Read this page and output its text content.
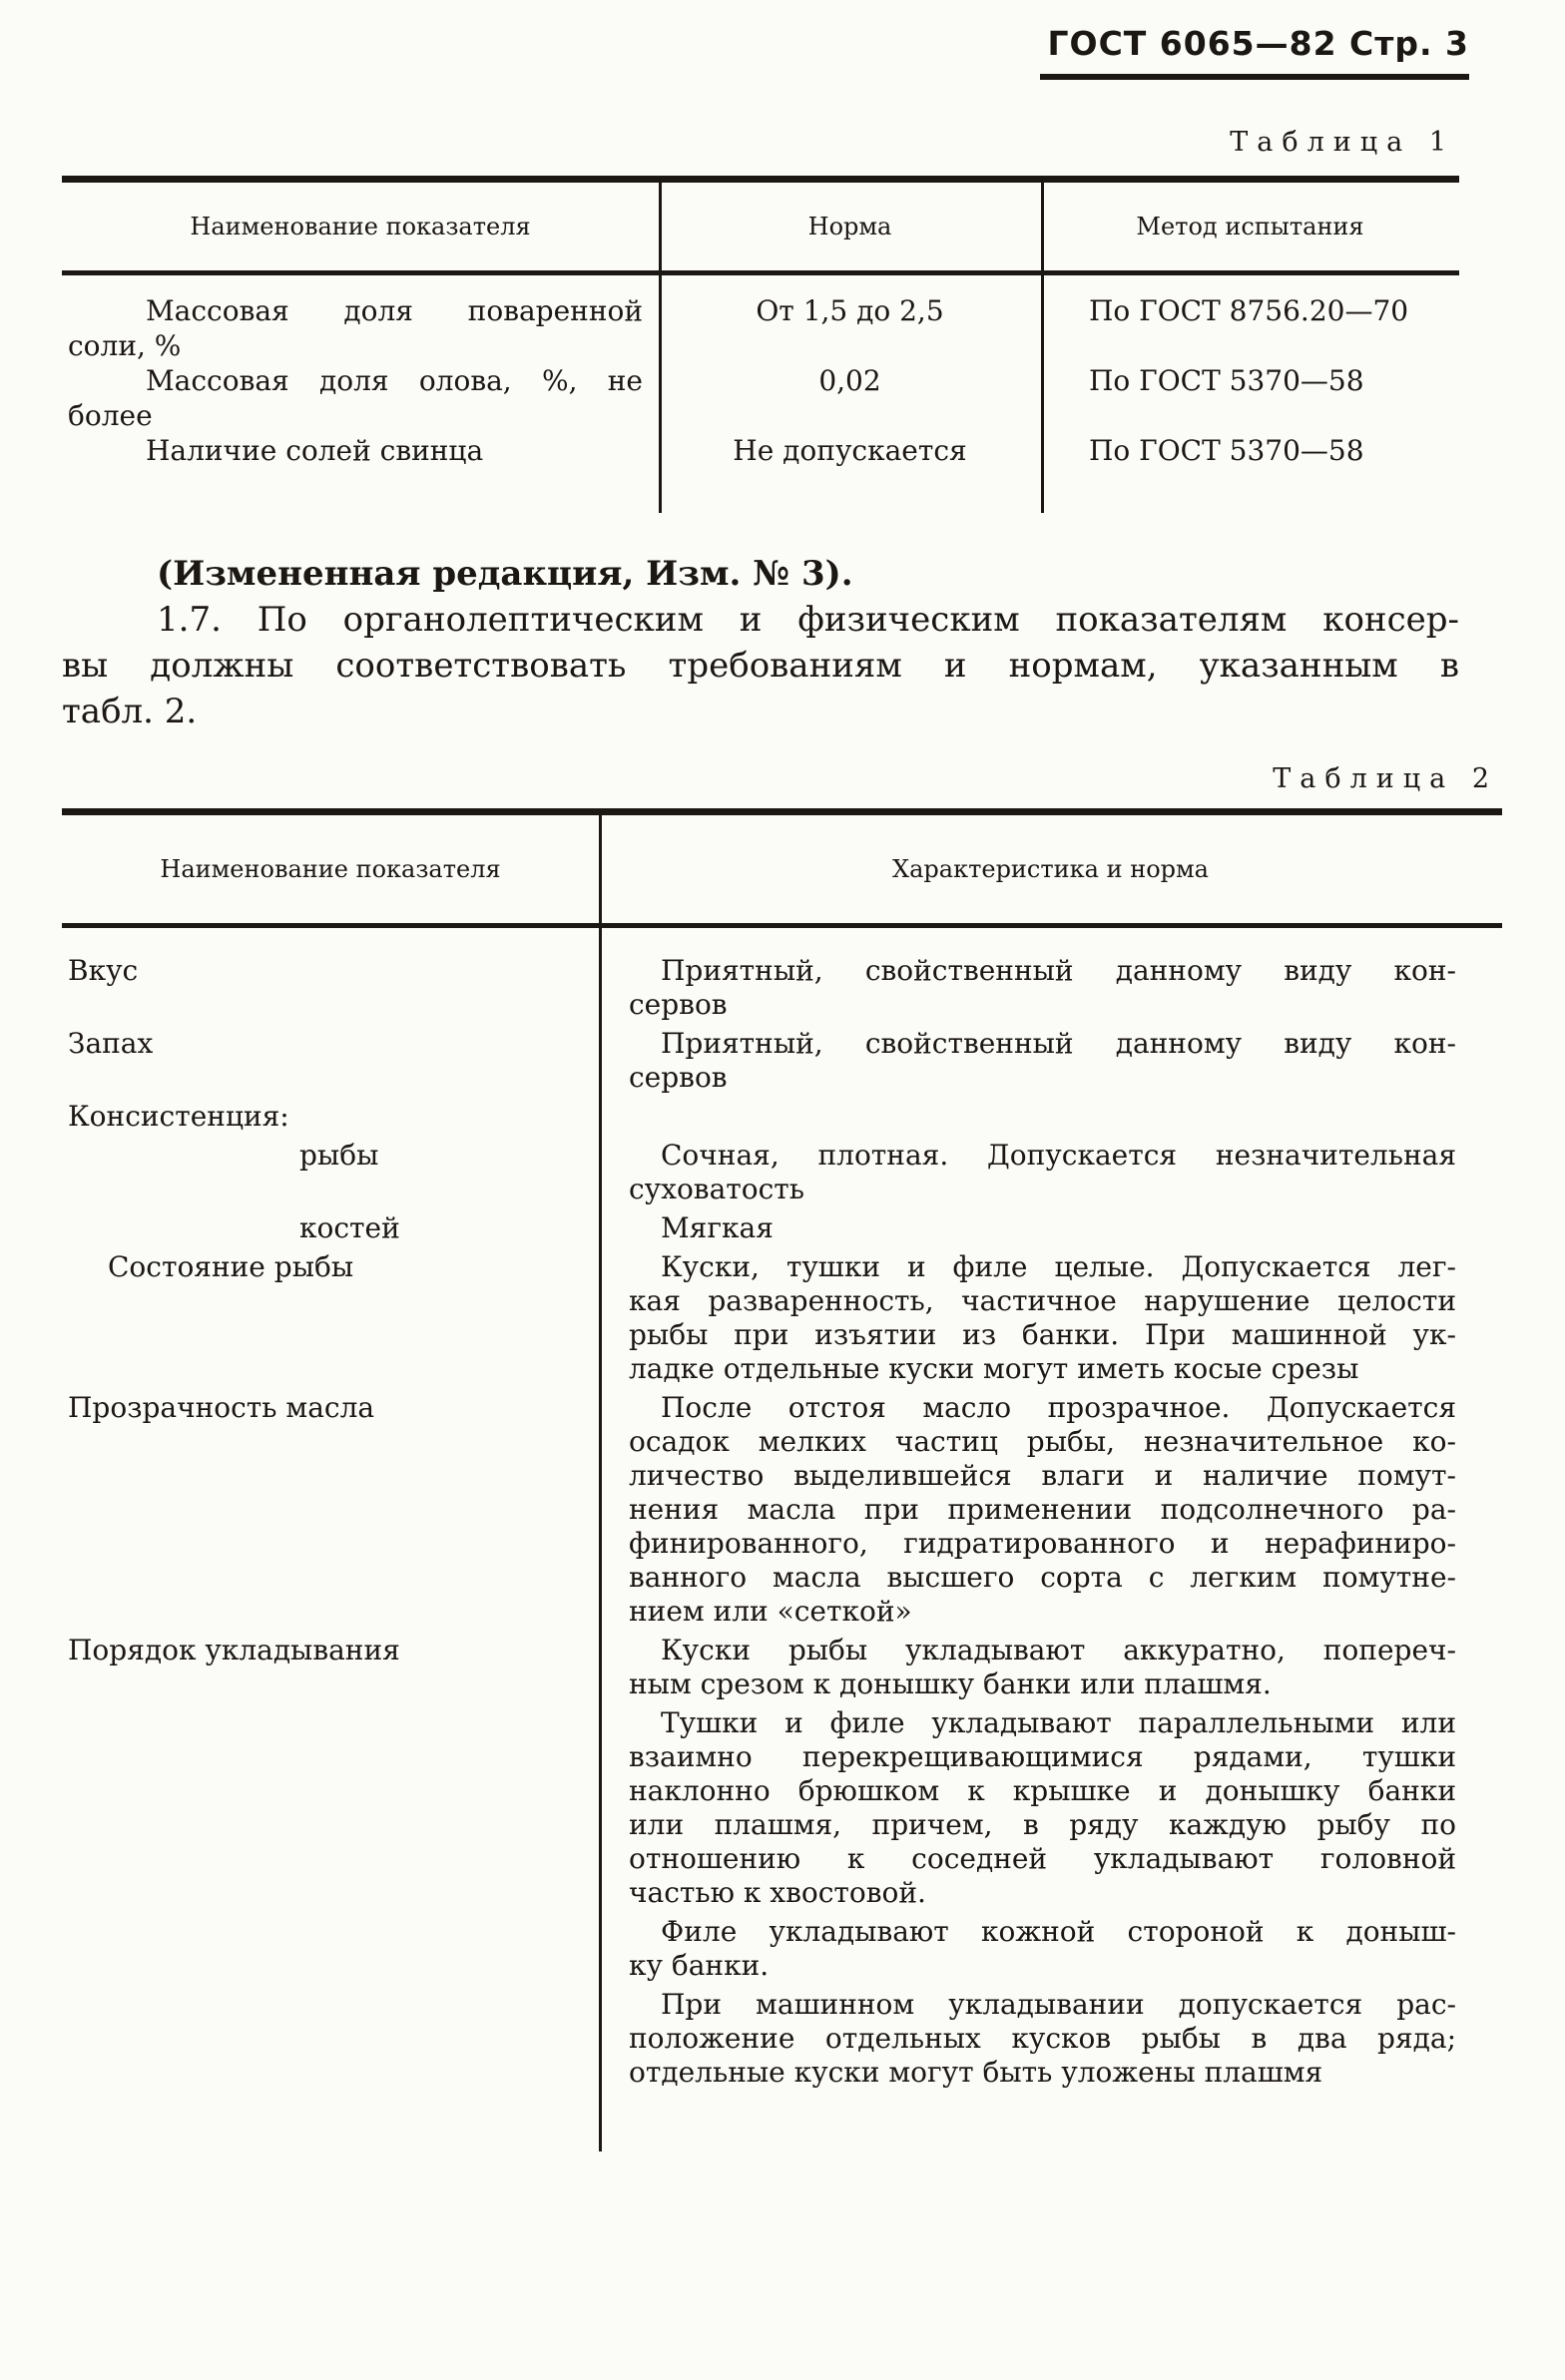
ГОСТ 6065—82 Стр. 3
Таблица 1
Наименование показателя	Норма	Метод испытания
Массовая доля поваренной
соли, %
От 1,5 до 2,5	По ГОСТ 8756.20—70
Массовая доля олова, %, не
более
0,02	По ГОСТ 5370—58
Наличие солей свинца	Не допускается	По ГОСТ 5370—58
(Измененная редакция, Изм. № 3).
1.7. По органолептическим и физическим показателям консер-
вы должны соответствовать требованиям и нормам, указанным в
табл. 2.
Таблица 2
Наименование показателя	Характеристика и норма
Вкус	Приятный, свойственный данному виду кон-
сервов
Запах	Приятный, свойственный данному виду кон-
сервов
Консистенция:
рыбы	Сочная, плотная. Допускается незначительная
суховатость
костей	Мягкая
Состояние рыбы	Куски, тушки и филе целые. Допускается лег-
кая разваренность, частичное нарушение целости
рыбы при изъятии из банки. При машинной ук-
ладке отдельные куски могут иметь косые срезы
Прозрачность масла	После отстоя масло прозрачное. Допускается
осадок мелких частиц рыбы, незначительное ко-
личество выделившейся влаги и наличие помут-
нения масла при применении подсолнечного ра-
финированного, гидратированного и нерафиниро-
ванного масла высшего сорта с легким помутне-
нием или «сеткой»
Порядок укладывания	Куски рыбы укладывают аккуратно, попереч-
ным срезом к донышку банки или плашмя.
Тушки и филе укладывают параллельными или
взаимно перекрещивающимися рядами, тушки
наклонно брюшком к крышке и донышку банки
или плашмя, причем, в ряду каждую рыбу по
отношению к соседней укладывают головной
частью к хвостовой.
Филе укладывают кожной стороной к доныш-
ку банки.
При машинном укладывании допускается рас-
положение отдельных кусков рыбы в два ряда;
отдельные куски могут быть уложены плашмя
